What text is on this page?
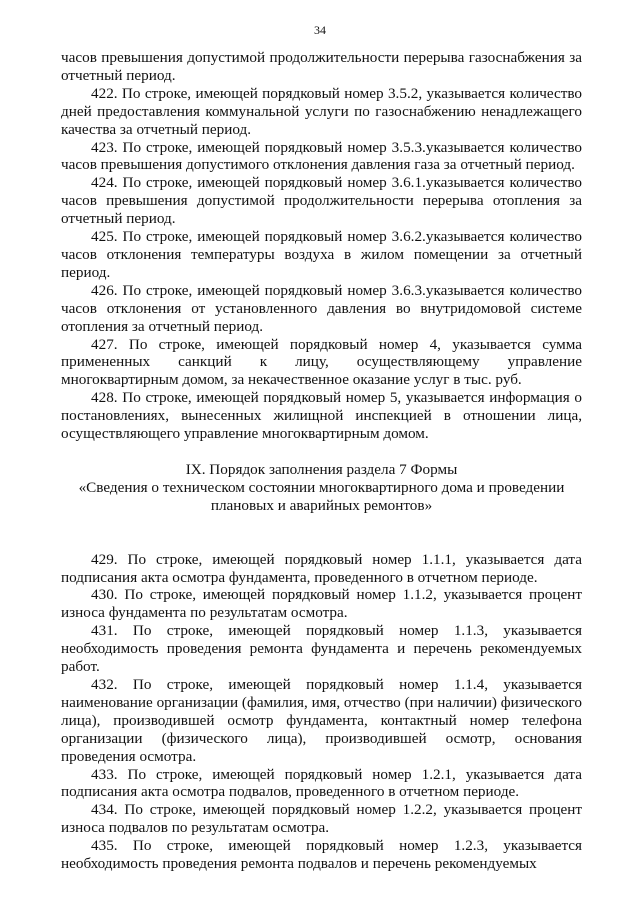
34

часов превышения допустимой продолжительности перерыва газоснабжения за отчетный период.

422. По строке, имеющей порядковый номер 3.5.2, указывается количество дней предоставления коммунальной услуги по газоснабжению ненадлежащего качества за отчетный период.

423. По строке, имеющей порядковый номер 3.5.3.указывается количество часов превышения допустимого отклонения давления газа за отчетный период.

424. По строке, имеющей порядковый номер 3.6.1.указывается количество часов превышения допустимой продолжительности перерыва отопления за отчетный период.

425. По строке, имеющей порядковый номер 3.6.2.указывается количество часов отклонения температуры воздуха в жилом помещении за отчетный период.

426. По строке, имеющей порядковый номер 3.6.3.указывается количество часов отклонения от установленного давления во внутридомовой системе отопления за отчетный период.

427. По строке, имеющей порядковый номер 4, указывается сумма примененных санкций к лицу, осуществляющему управление многоквартирным домом, за некачественное оказание услуг в тыс. руб.

428. По строке, имеющей порядковый номер 5, указывается информация о постановлениях, вынесенных жилищной инспекцией в отношении лица, осуществляющего управление многоквартирным домом.

IX. Порядок заполнения раздела 7 Формы

«Сведения о техническом состоянии многоквартирного дома и проведении

плановых и аварийных ремонтов»

429. По строке, имеющей порядковый номер 1.1.1, указывается дата подписания акта осмотра фундамента, проведенного в отчетном периоде.

430. По строке, имеющей порядковый номер 1.1.2, указывается процент износа фундамента по результатам осмотра.

431. По строке, имеющей порядковый номер 1.1.3, указывается необходимость проведения ремонта фундамента и перечень рекомендуемых работ.

432. По строке, имеющей порядковый номер 1.1.4, указывается наименование организации (фамилия, имя, отчество (при наличии) физического лица), производившей осмотр фундамента, контактный номер телефона организации (физического лица), производившей осмотр, основания проведения осмотра.

433. По строке, имеющей порядковый номер 1.2.1, указывается дата подписания акта осмотра подвалов, проведенного в отчетном периоде.

434. По строке, имеющей порядковый номер 1.2.2, указывается процент износа подвалов по результатам осмотра.

435. По строке, имеющей порядковый номер 1.2.3, указывается необходимость проведения ремонта подвалов и перечень рекомендуемых
